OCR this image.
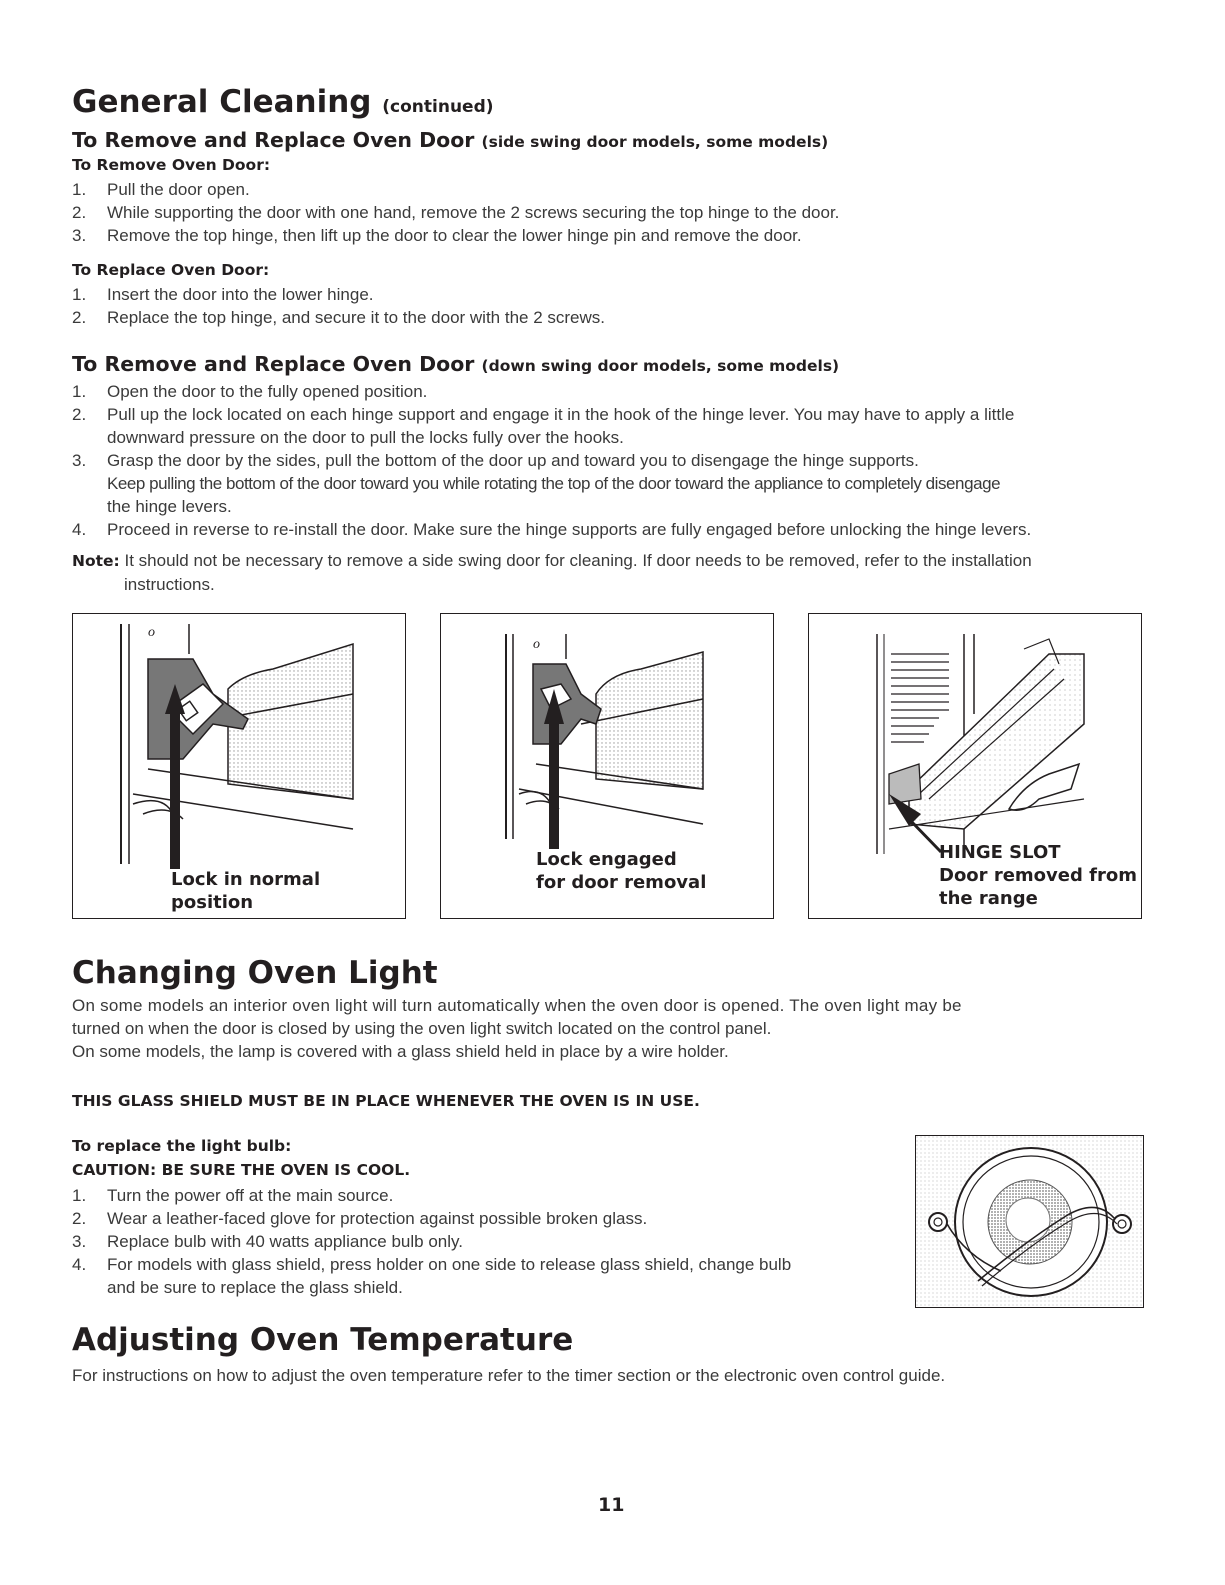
General Cleaning (continued)
To Remove and Replace Oven Door (side swing door models, some models)
To Remove Oven Door:
1. Pull the door open.
2. While supporting the door with one hand, remove the 2 screws securing the top hinge to the door.
3. Remove the top hinge, then lift up the door to clear the lower hinge pin and remove the door.
To Replace Oven Door:
1. Insert the door into the lower hinge.
2. Replace the top hinge, and secure it to the door with the 2 screws.
To Remove and Replace Oven Door (down swing door models, some models)
1. Open the door to the fully opened position.
2. Pull up the lock located on each hinge support and engage it in the hook of the hinge lever. You may have to apply a little
downward pressure on the door to pull the locks fully over the hooks.
3. Grasp the door by the sides, pull the bottom of the door up and toward you to disengage the hinge supports.
Keep pulling the bottom of the door toward you while rotating the top of the door toward the appliance to completely disengage
the hinge levers.
4. Proceed in reverse to re-install the door. Make sure the hinge supports are fully engaged before unlocking the hinge levers.
Note: It should not be necessary to remove a side swing door for cleaning. If door needs to be removed, refer to the installation
instructions.
o
Lock in normal
position
o
Lock engaged
for door removal
HINGE SLOT
Door removed from
the range
Changing Oven Light
On some models an interior oven light will turn automatically when the oven door is opened. The oven light may be
turned on when the door is closed by using the oven light switch located on the control panel.
On some models, the lamp is covered with a glass shield held in place by a wire holder.
THIS GLASS SHIELD MUST BE IN PLACE WHENEVER THE OVEN IS IN USE.
To replace the light bulb:
CAUTION: BE SURE THE OVEN IS COOL.
1. Turn the power off at the main source.
2. Wear a leather-faced glove for protection against possible broken glass.
3. Replace bulb with 40 watts appliance bulb only.
4. For models with glass shield, press holder on one side to release glass shield, change bulb
and be sure to replace the glass shield.
Adjusting Oven Temperature
For instructions on how to adjust the oven temperature refer to the timer section or the electronic oven control guide.
11
